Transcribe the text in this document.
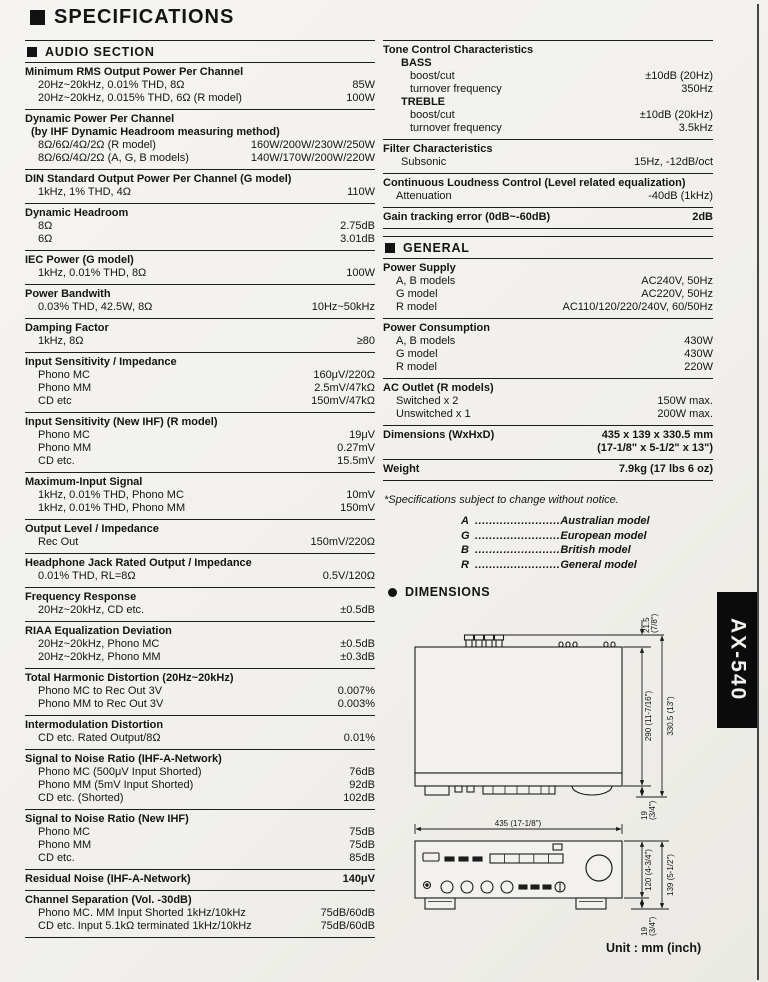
SPECIFICATIONS
AUDIO SECTION
Minimum RMS Output Power Per Channel
20Hz~20kHz, 0.01% THD, 8Ω	85W
20Hz~20kHz, 0.015% THD, 6Ω (R model)	100W
Dynamic Power Per Channel
(by IHF Dynamic Headroom measuring method)
8Ω/6Ω/4Ω/2Ω (R model)	160W/200W/230W/250W
8Ω/6Ω/4Ω/2Ω (A, G, B models)	140W/170W/200W/220W
DIN Standard Output Power Per Channel (G model)
1kHz, 1% THD, 4Ω	110W
Dynamic Headroom
8Ω	2.75dB
6Ω	3.01dB
IEC Power (G model)
1kHz, 0.01% THD, 8Ω	100W
Power Bandwith
0.03% THD, 42.5W, 8Ω	10Hz~50kHz
Damping Factor
1kHz, 8Ω	≥80
Input Sensitivity / Impedance
Phono MC	160μV/220Ω
Phono MM	2.5mV/47kΩ
CD etc	150mV/47kΩ
Input Sensitivity (New IHF) (R model)
Phono MC	19μV
Phono MM	0.27mV
CD etc.	15.5mV
Maximum-Input Signal
1kHz, 0.01% THD, Phono MC	10mV
1kHz, 0.01% THD, Phono MM	150mV
Output Level / Impedance
Rec Out	150mV/220Ω
Headphone Jack Rated Output / Impedance
0.01% THD, RL=8Ω	0.5V/120Ω
Frequency Response
20Hz~20kHz, CD etc.	±0.5dB
RIAA Equalization Deviation
20Hz~20kHz, Phono MC	±0.5dB
20Hz~20kHz, Phono MM	±0.3dB
Total Harmonic Distortion (20Hz~20kHz)
Phono MC to Rec Out 3V	0.007%
Phono MM to Rec Out 3V	0.003%
Intermodulation Distortion
CD etc. Rated Output/8Ω	0.01%
Signal to Noise Ratio (IHF-A-Network)
Phono MC (500μV Input Shorted)	76dB
Phono MM (5mV Input Shorted)	92dB
CD etc. (Shorted)	102dB
Signal to Noise Ratio (New IHF)
Phono MC	75dB
Phono MM	75dB
CD etc.	85dB
Residual Noise (IHF-A-Network)	140μV
Channel Separation (Vol. -30dB)
Phono MC. MM Input Shorted 1kHz/10kHz	75dB/60dB
CD etc. Input 5.1kΩ terminated 1kHz/10kHz	75dB/60dB
Tone Control Characteristics
BASS
boost/cut	±10dB (20Hz)
turnover frequency	350Hz
TREBLE
boost/cut	±10dB (20kHz)
turnover frequency	3.5kHz
Filter Characteristics
Subsonic	15Hz, -12dB/oct
Continuous Loudness Control (Level related equalization)
Attenuation	-40dB (1kHz)
Gain tracking error (0dB~-60dB)	2dB
GENERAL
Power Supply
A, B models	AC240V, 50Hz
G model	AC220V, 50Hz
R model	AC110/120/220/240V, 60/50Hz
Power Consumption
A, B models	430W
G model	430W
R model	220W
AC Outlet (R models)
Switched x 2	150W max.
Unswitched x 1	200W max.
Dimensions (WxHxD)	435 x 139 x 330.5 mm
(17-1/8" x 5-1/2" x 13")
Weight	7.9kg (17 lbs 6 oz)
*Specifications subject to change without notice.
A ........................Australian model
G ........................European model
B ........................British model
R ........................General model
DIMENSIONS
21.5 (7/8")
290 (11-7/16") 330.5 (13")
19 (3/4")
435 (17-1/8")
120 (4-3/4") 139 (5-1/2")
19 (3/4")
Unit : mm (inch)
AX-540
